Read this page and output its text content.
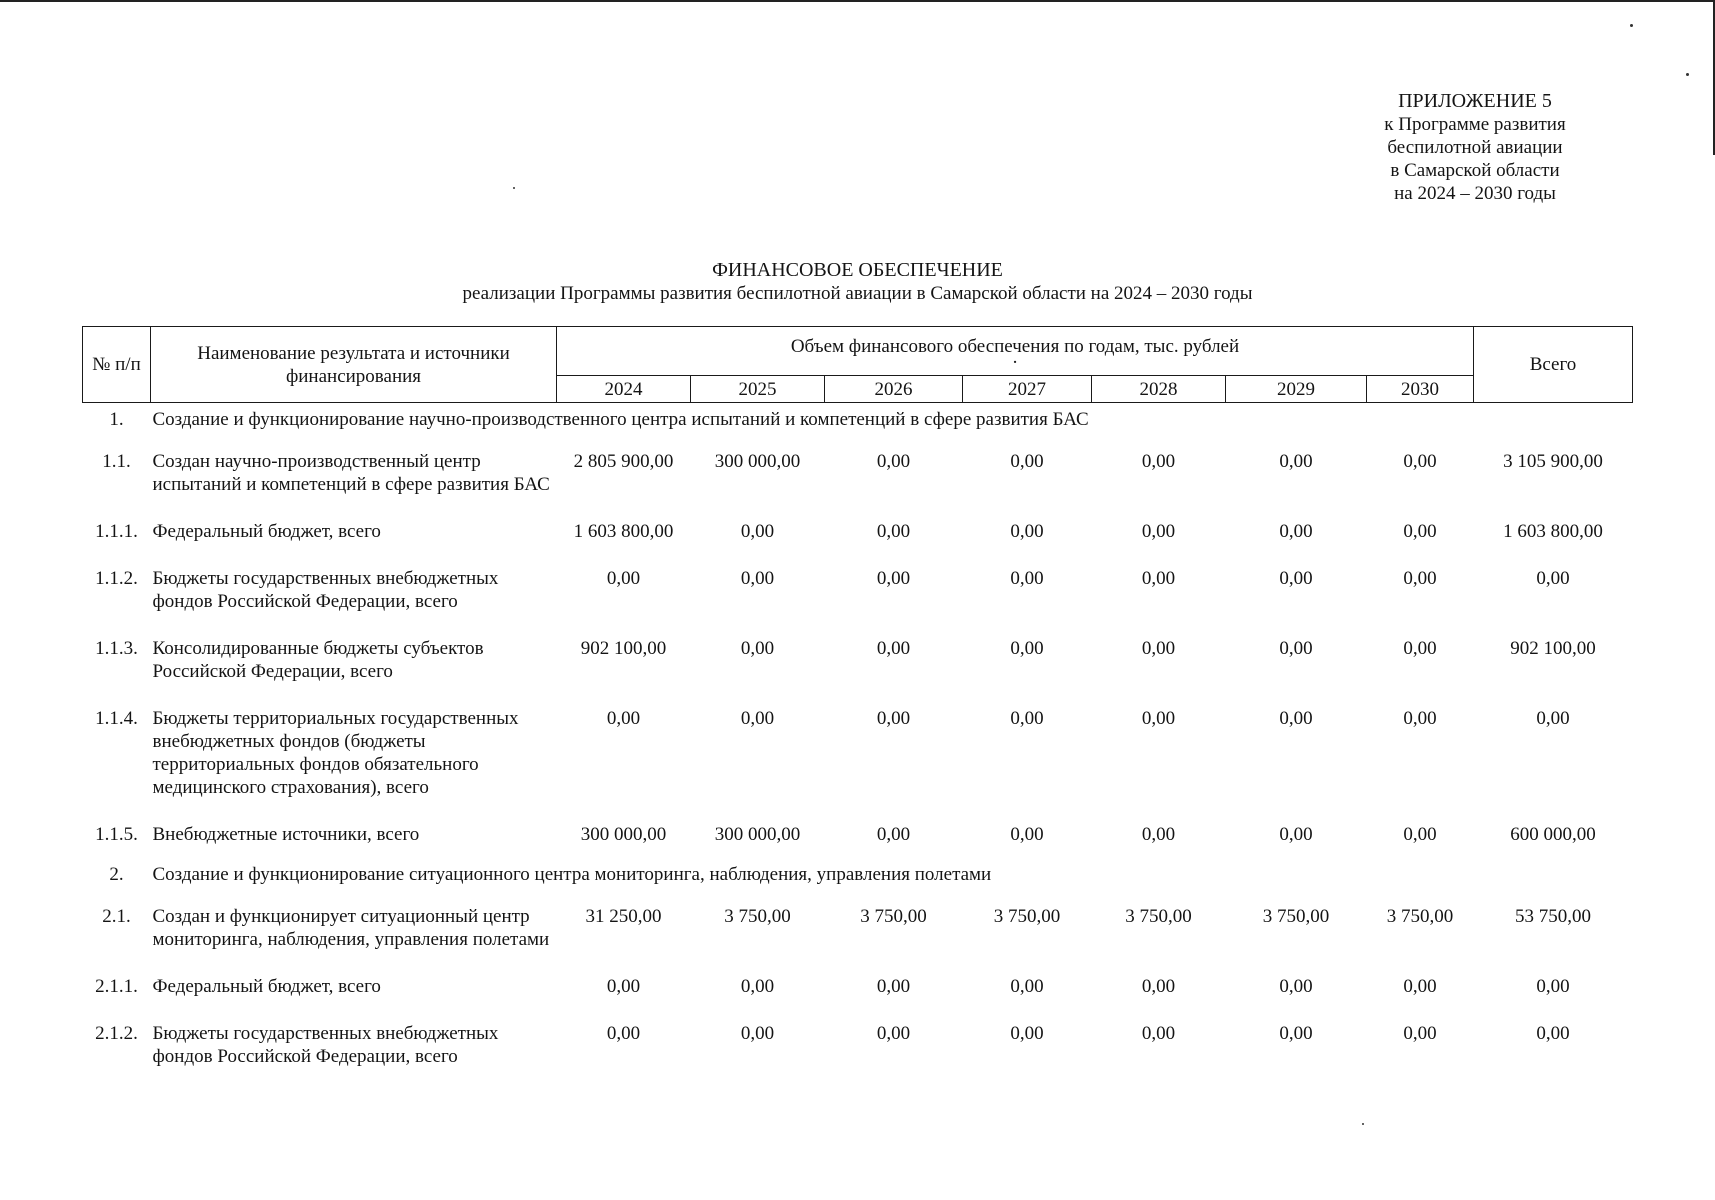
ПРИЛОЖЕНИЕ 5
к Программе развития
беспилотной авиации
в Самарской области
на 2024 – 2030 годы
ФИНАНСОВОЕ ОБЕСПЕЧЕНИЕ
реализации Программы развития беспилотной авиации в Самарской области на 2024 – 2030 годы
№ п/п	Наименование результата и источники финансирования	Объем финансового обеспечения по годам, тыс. рублей
·							Всего
		2024	2025	2026	2027	2028	2029	2030	
1.	Создание и функционирование научно-производственного центра испытаний и компетенций в сфере развития БАС								
1.1.	Создан научно-производственный центр испытаний и компетенций в сфере развития БАС	2 805 900,00	300 000,00	0,00	0,00	0,00	0,00	0,00	3 105 900,00
1.1.1.	Федеральный бюджет, всего	1 603 800,00	0,00	0,00	0,00	0,00	0,00	0,00	1 603 800,00
1.1.2.	Бюджеты государственных внебюджетных фондов Российской Федерации, всего	0,00	0,00	0,00	0,00	0,00	0,00	0,00	0,00
1.1.3.	Консолидированные бюджеты субъектов Российской Федерации, всего	902 100,00	0,00	0,00	0,00	0,00	0,00	0,00	902 100,00
1.1.4.	Бюджеты территориальных государственных внебюджетных фондов (бюджеты территориальных фондов обязательного медицинского страхования), всего	0,00	0,00	0,00	0,00	0,00	0,00	0,00	0,00
1.1.5.	Внебюджетные источники, всего	300 000,00	300 000,00	0,00	0,00	0,00	0,00	0,00	600 000,00
2.	Создание и функционирование ситуационного центра мониторинга, наблюдения, управления полетами								
2.1.	Создан и функционирует ситуационный центр мониторинга, наблюдения, управления полетами	31 250,00	3 750,00	3 750,00	3 750,00	3 750,00	3 750,00	3 750,00	53 750,00
2.1.1.	Федеральный бюджет, всего	0,00	0,00	0,00	0,00	0,00	0,00	0,00	0,00
2.1.2.	Бюджеты государственных внебюджетных фондов Российской Федерации, всего	0,00	0,00	0,00	0,00	0,00	0,00	0,00	0,00
